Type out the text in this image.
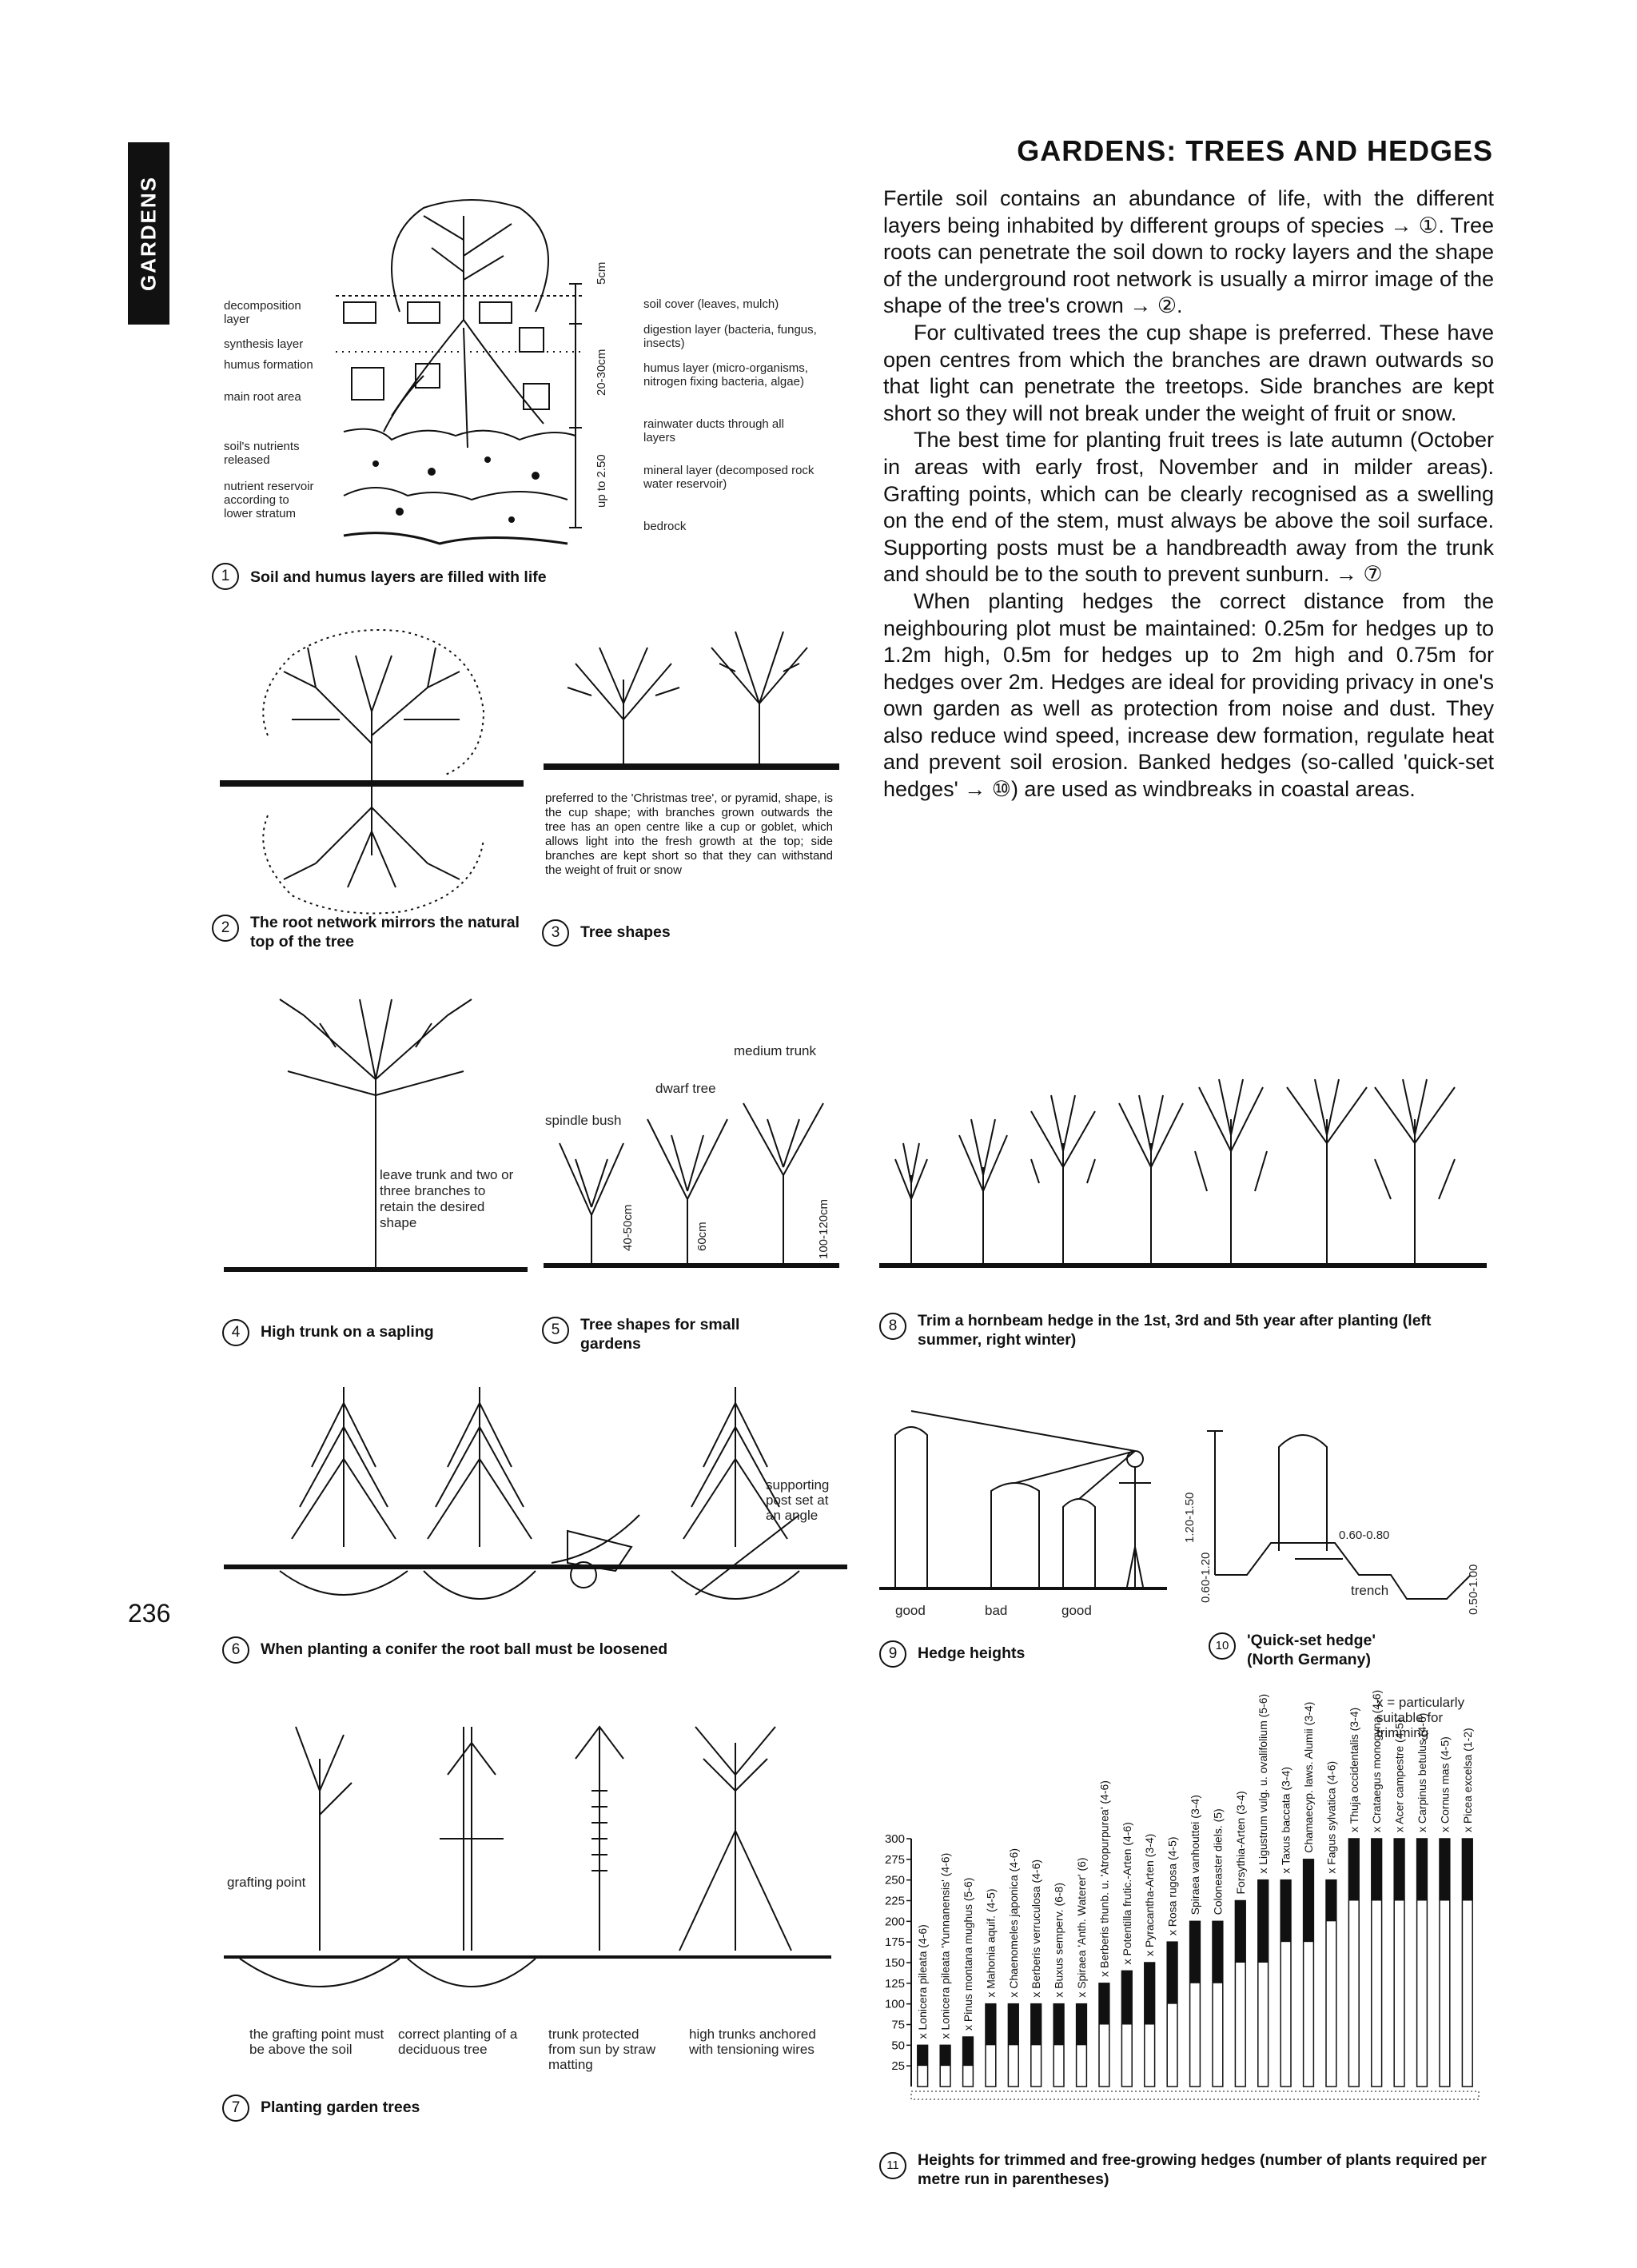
GARDENS
GARDENS: TREES AND HEDGES

Fertile soil contains an abundance of life, with the different layers being inhabited by different groups of species → ①. Tree roots can penetrate the soil down to rocky layers and the shape of the underground root network is usually a mirror image of the shape of the tree's crown → ②.

For cultivated trees the cup shape is preferred. These have open centres from which the branches are drawn outwards so that light can penetrate the treetops. Side branches are kept short so they will not break under the weight of fruit or snow.

The best time for planting fruit trees is late autumn (October in areas with early frost, November and in milder areas). Grafting points, which can be clearly recognised as a swelling on the end of the stem, must always be above the soil surface. Supporting posts must be a handbreadth away from the trunk and should be to the south to prevent sunburn. → ⑦

When planting hedges the correct distance from the neighbouring plot must be maintained: 0.25m for hedges up to 1.2m high, 0.5m for hedges up to 2m high and 0.75m for hedges over 2m. Hedges are ideal for providing privacy in one's own garden as well as protection from noise and dust. They also reduce wind speed, increase dew formation, regulate heat and prevent soil erosion. Banked hedges (so-called 'quick-set hedges' → ⑩) are used as windbreaks in coastal areas.

5cm
20-30cm
up to 2.50
decomposition layer
synthesis layer
humus formation
main root area
soil's nutrients released
nutrient reservoir according to lower stratum
soil cover (leaves, mulch)
digestion layer (bacteria, fungus, insects)
humus layer (micro-organisms, nitrogen fixing bacteria, algae)
rainwater ducts through all layers
mineral layer (decomposed rock water reservoir)
bedrock
1	Soil and humus layers are filled with life
2	The root network mirrors the natural top of the tree
preferred to the 'Christmas tree', or pyramid, shape, is the cup shape; with branches grown outwards the tree has an open centre like a cup or goblet, which allows light into the fresh growth at the top; side branches are kept short so that they can withstand the weight of fruit or snow
3	Tree shapes
leave trunk and two or three branches to retain the desired shape
4	High trunk on a sapling
medium trunk
dwarf tree
spindle bush
40-50cm	60cm	100-120cm
5	Tree shapes for small gardens
8	Trim a hornbeam hedge in the 1st, 3rd and 5th year after planting (left summer, right winter)
supporting post set at an angle
6	When planting a conifer the root ball must be loosened
good	bad	good
9	Hedge heights
1.20-1.50
0.60-1.20
0.60-0.80
0.50-1.00
trench
10	'Quick-set hedge' (North Germany)
grafting point
the grafting point must be above the soil
correct planting of a deciduous tree
trunk protected from sun by straw matting
high trunks anchored with tensioning wires
7	Planting garden trees
x = particularly suitable for trimming
25
50
75
100
125
150
175
200
225
250
275
300
x Lonicera pileata (4-6) x Lonicera pileata 'Yunnanensis' (4-6) x Pinus montana mughus (5-6) x Mahonia aquif. (4-5) x Chaenomeles japonica (4-6) x Berberis verruculosa (4-6) x Buxus semperv. (6-8) x Spiraea 'Anth. Waterer' (6) x Berberis thunb. u. 'Atropurpurea' (4-6) x Potentilla frutic.-Arten (4-6) x Pyracantha-Arten (3-4) x Rosa rugosa (4-5) Spiraea vanhouttei (3-4) Coloneaster diels. (5) Forsythia-Arten (3-4) x Ligustrum vulg. u. ovalifolium (5-6) x Taxus baccata (3-4) Chamaecyp. laws. Alumii (3-4) x Fagus sylvatica (4-6) x Thuja occidentalis (3-4) x Crataegus monogyna (4-6) x Acer campestre (4-5) x Carpinus betulus (4-6) x Cornus mas (4-5) x Picea excelsa (1-2)
11	Heights for trimmed and free-growing hedges (number of plants required per metre run in parentheses)
236
